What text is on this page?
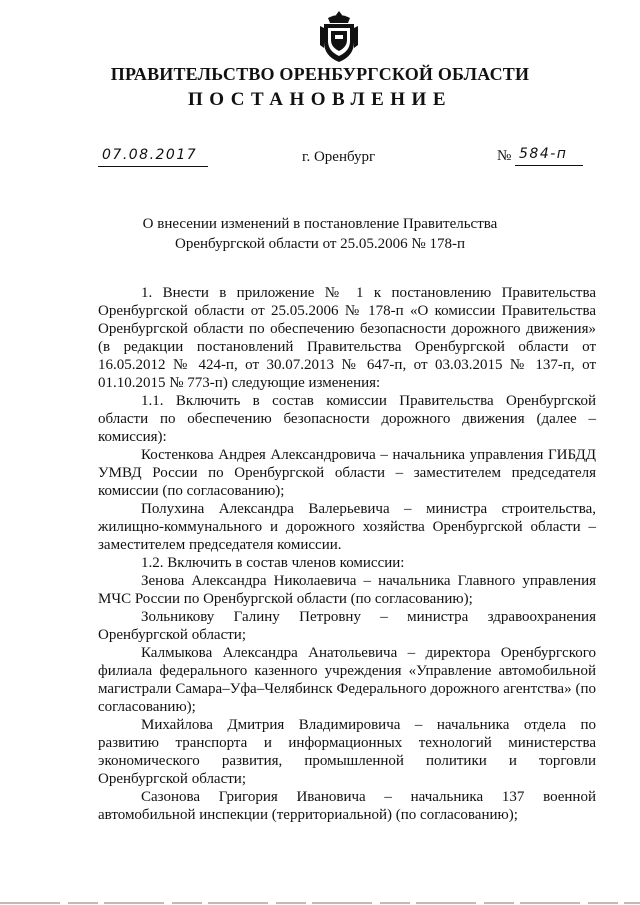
ПРАВИТЕЛЬСТВО ОРЕНБУРГСКОЙ ОБЛАСТИ
ПОСТАНОВЛЕНИЕ
07.08.2017	г. Оренбург	№ 584-п
О внесении изменений в постановление Правительства
Оренбургской области от 25.05.2006 № 178-п

1. Внести в приложение № 1 к постановлению Правительства Оренбургской области от 25.05.2006 № 178-п «О комиссии Правительства Оренбургской области по обеспечению безопасности дорожного движения» (в редакции постановлений Правительства Оренбургской области от 16.05.2012 № 424-п, от 30.07.2013 № 647-п, от 03.03.2015 № 137-п, от 01.10.2015 № 773-п) следующие изменения:

1.1. Включить в состав комиссии Правительства Оренбургской области по обеспечению безопасности дорожного движения (далее – комиссия):

Костенкова Андрея Александровича – начальника управления ГИБДД УМВД России по Оренбургской области – заместителем председателя комиссии (по согласованию);

Полухина Александра Валерьевича – министра строительства, жилищно-коммунального и дорожного хозяйства Оренбургской области – заместителем председателя комиссии.

1.2. Включить в состав членов комиссии:

Зенова Александра Николаевича – начальника Главного управления МЧС России по Оренбургской области (по согласованию);

Зольникову Галину Петровну – министра здравоохранения Оренбургской области;

Калмыкова Александра Анатольевича – директора Оренбургского филиала федерального казенного учреждения «Управление автомобильной магистрали Самара–Уфа–Челябинск Федерального дорожного агентства» (по согласованию);

Михайлова Дмитрия Владимировича – начальника отдела по развитию транспорта и информационных технологий министерства экономического развития, промышленной политики и торговли Оренбургской области;

Сазонова Григория Ивановича – начальника 137 военной автомобильной инспекции (территориальной) (по согласованию);
